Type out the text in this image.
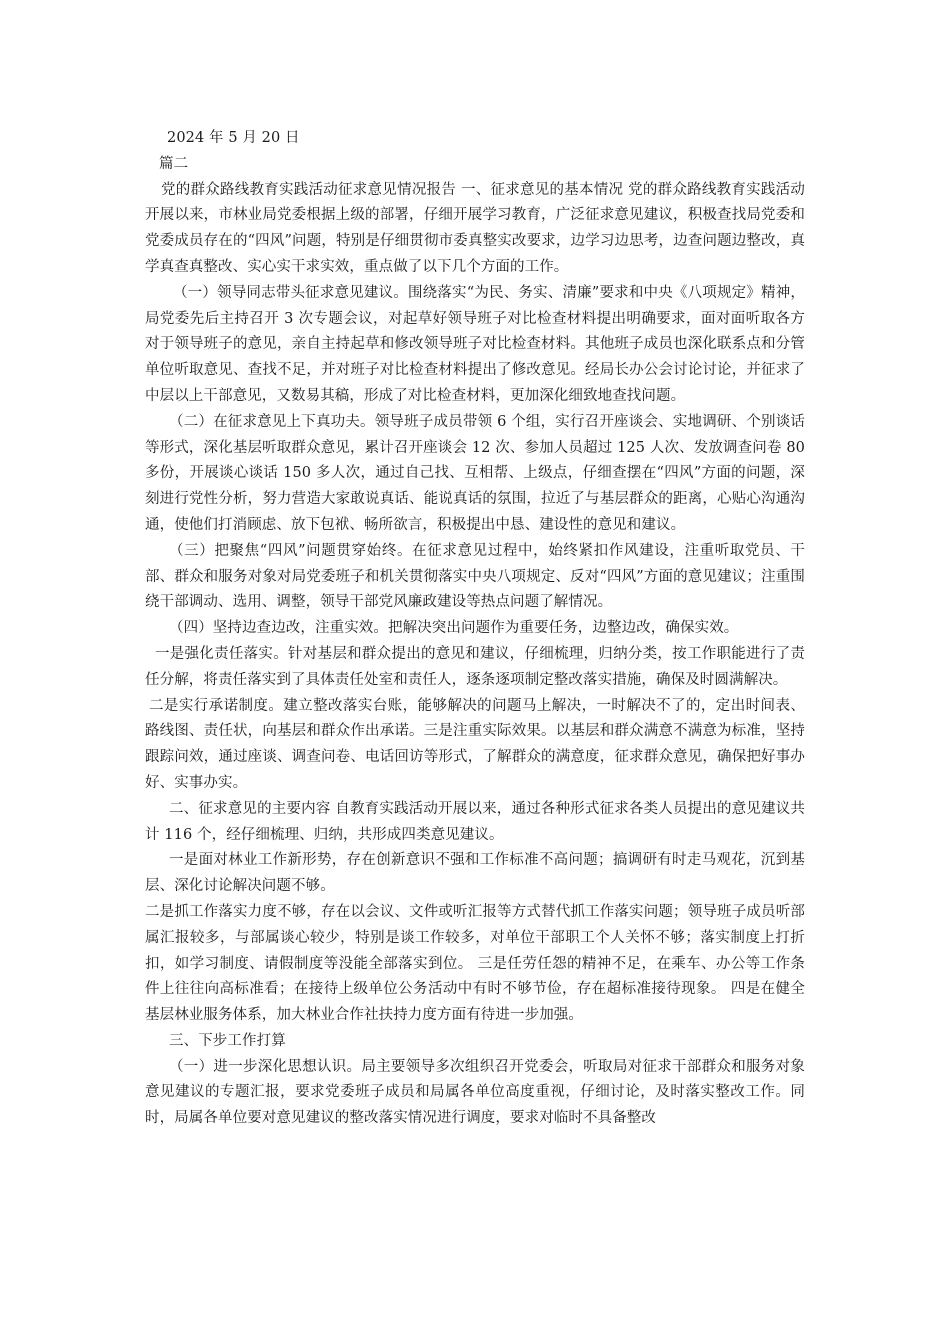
2024 年 5 月 20 日

篇二

党的群众路线教育实践活动征求意见情况报告 一、征求意见的基本情况 党的群众路线教育实践活动开展以来，市林业局党委根据上级的部署，仔细开展学习教育，广泛征求意见建议，积极查找局党委和党委成员存在的“四风”问题，特别是仔细贯彻市委真整实改要求，边学习边思考，边查问题边整改，真学真查真整改、实心实干求实效，重点做了以下几个方面的工作。

（一）领导同志带头征求意见建议。围绕落实“为民、务实、清廉”要求和中央《八项规定》精神，局党委先后主持召开 3 次专题会议，对起草好领导班子对比检查材料提出明确要求，面对面听取各方对于领导班子的意见，亲自主持起草和修改领导班子对比检查材料。其他班子成员也深化联系点和分管单位听取意见、查找不足，并对班子对比检查材料提出了修改意见。经局长办公会讨论讨论，并征求了中层以上干部意见，又数易其稿，形成了对比检查材料，更加深化细致地查找问题。

（二）在征求意见上下真功夫。领导班子成员带领 6 个组，实行召开座谈会、实地调研、个别谈话等形式，深化基层听取群众意见，累计召开座谈会 12 次、参加人员超过 125 人次、发放调查问卷 80 多份，开展谈心谈话 150 多人次，通过自己找、互相帮、上级点，仔细查摆在“四风”方面的问题，深刻进行党性分析，努力营造大家敢说真话、能说真话的氛围，拉近了与基层群众的距离，心贴心沟通沟通，使他们打消顾虑、放下包袱、畅所欲言，积极提出中恳、建设性的意见和建议。

（三）把聚焦“四风”问题贯穿始终。在征求意见过程中，始终紧扣作风建设，注重听取党员、干部、群众和服务对象对局党委班子和机关贯彻落实中央八项规定、反对“四风”方面的意见建议；注重围绕干部调动、选用、调整，领导干部党风廉政建设等热点问题了解情况。

（四）坚持边查边改，注重实效。把解决突出问题作为重要任务，边整边改，确保实效。

一是强化责任落实。针对基层和群众提出的意见和建议，仔细梳理，归纳分类，按工作职能进行了责任分解，将责任落实到了具体责任处室和责任人，逐条逐项制定整改落实措施，确保及时圆满解决。

二是实行承诺制度。建立整改落实台账，能够解决的问题马上解决，一时解决不了的，定出时间表、路线图、责任状，向基层和群众作出承诺。三是注重实际效果。以基层和群众满意不满意为标准，坚持跟踪问效，通过座谈、调查问卷、电话回访等形式，了解群众的满意度，征求群众意见，确保把好事办好、实事办实。

二、征求意见的主要内容 自教育实践活动开展以来，通过各种形式征求各类人员提出的意见建议共计 116 个，经仔细梳理、归纳，共形成四类意见建议。

一是面对林业工作新形势，存在创新意识不强和工作标准不高问题；搞调研有时走马观花，沉到基层、深化讨论解决问题不够。

二是抓工作落实力度不够，存在以会议、文件或听汇报等方式替代抓工作落实问题；领导班子成员听部属汇报较多，与部属谈心较少，特别是谈工作较多，对单位干部职工个人关怀不够；落实制度上打折扣，如学习制度、请假制度等没能全部落实到位。 三是任劳任怨的精神不足，在乘车、办公等工作条件上往往向高标准看；在接待上级单位公务活动中有时不够节俭，存在超标准接待现象。 四是在健全基层林业服务体系，加大林业合作社扶持力度方面有待进一步加强。

三、下步工作打算

（一）进一步深化思想认识。局主要领导多次组织召开党委会，听取局对征求干部群众和服务对象意见建议的专题汇报，要求党委班子成员和局属各单位高度重视，仔细讨论，及时落实整改工作。同时，局属各单位要对意见建议的整改落实情况进行调度，要求对临时不具备整改
